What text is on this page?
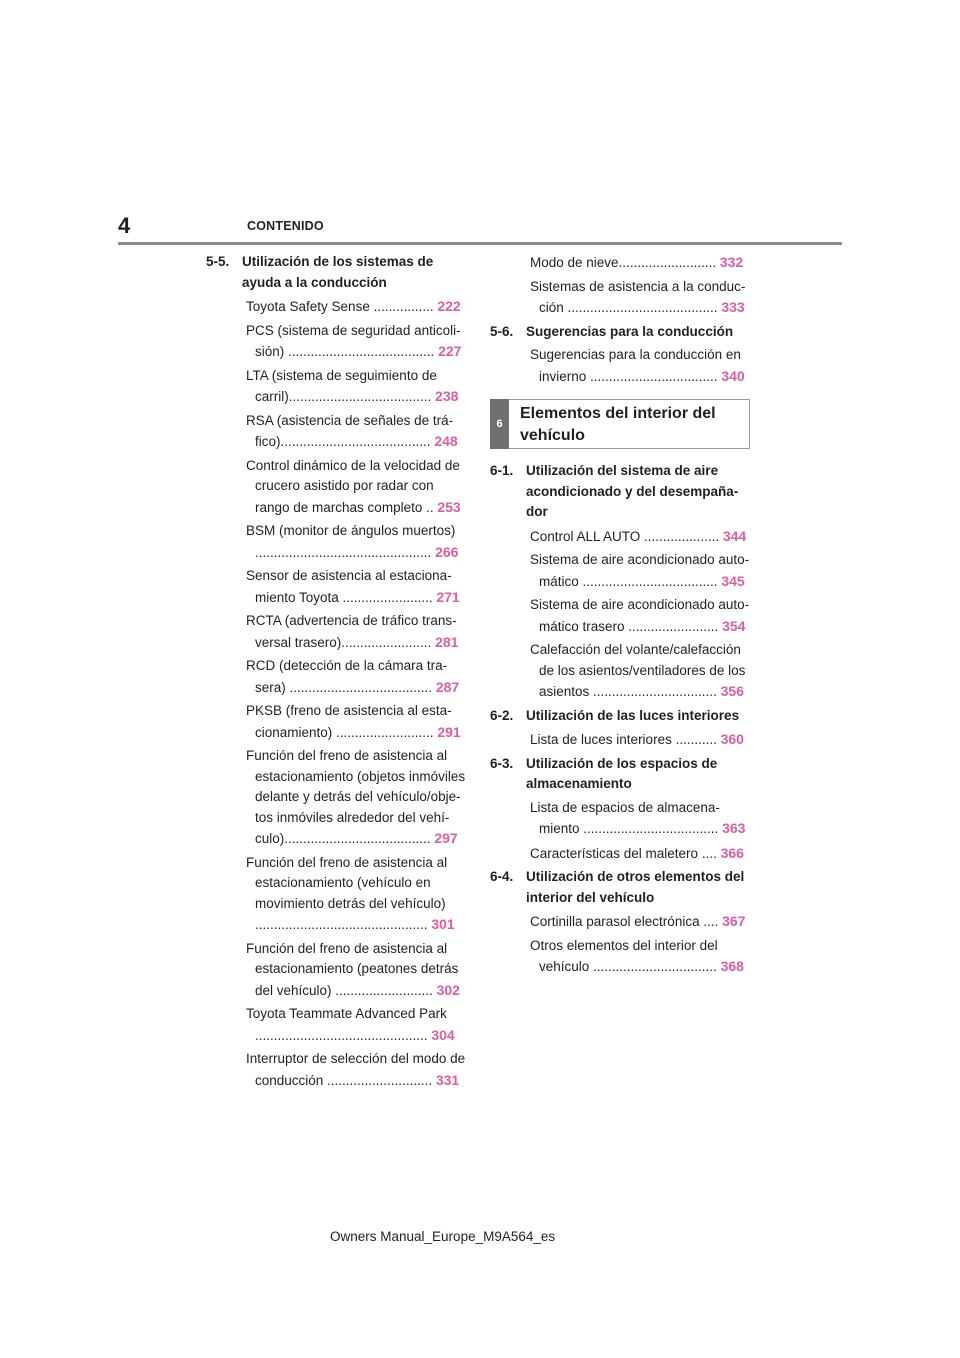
4	CONTENIDO
5-5. Utilización de los sistemas de
ayuda a la conducción
Toyota Safety Sense ................ 222
PCS (sistema de seguridad anticoli-
sión) ....................................... 227
LTA (sistema de seguimiento de
carril)...................................... 238
RSA (asistencia de señales de trá-
fico)........................................ 248
Control dinámico de la velocidad de
crucero asistido por radar con
rango de marchas completo .. 253
BSM (monitor de ángulos muertos)
............................................... 266
Sensor de asistencia al estaciona-
miento Toyota ........................ 271
RCTA (advertencia de tráfico trans-
versal trasero)........................ 281
RCD (detección de la cámara tra-
sera) ...................................... 287
PKSB (freno de asistencia al esta-
cionamiento) .......................... 291
Función del freno de asistencia al
estacionamiento (objetos inmóviles
delante y detrás del vehículo/obje-
tos inmóviles alrededor del vehí-
culo)....................................... 297
Función del freno de asistencia al
estacionamiento (vehículo en
movimiento detrás del vehículo)
.............................................. 301
Función del freno de asistencia al
estacionamiento (peatones detrás
del vehículo) .......................... 302
Toyota Teammate Advanced Park
.............................................. 304
Interruptor de selección del modo de
conducción ............................ 331
Modo de nieve.......................... 332
Sistemas de asistencia a la conduc-
ción ........................................ 333
5-6. Sugerencias para la conducción
Sugerencias para la conducción en
invierno .................................. 340
6
Elementos del interior del
vehículo
6-1. Utilización del sistema de aire
acondicionado y del desempaña-
dor
Control ALL AUTO .................... 344
Sistema de aire acondicionado auto-
mático .................................... 345
Sistema de aire acondicionado auto-
mático trasero ........................ 354
Calefacción del volante/calefacción
de los asientos/ventiladores de los
asientos ................................. 356
6-2. Utilización de las luces interiores
Lista de luces interiores ........... 360
6-3. Utilización de los espacios de
almacenamiento
Lista de espacios de almacena-
miento .................................... 363
Características del maletero .... 366
6-4. Utilización de otros elementos del
interior del vehículo
Cortinilla parasol electrónica .... 367
Otros elementos del interior del
vehículo ................................. 368
Owners Manual_Europe_M9A564_es
